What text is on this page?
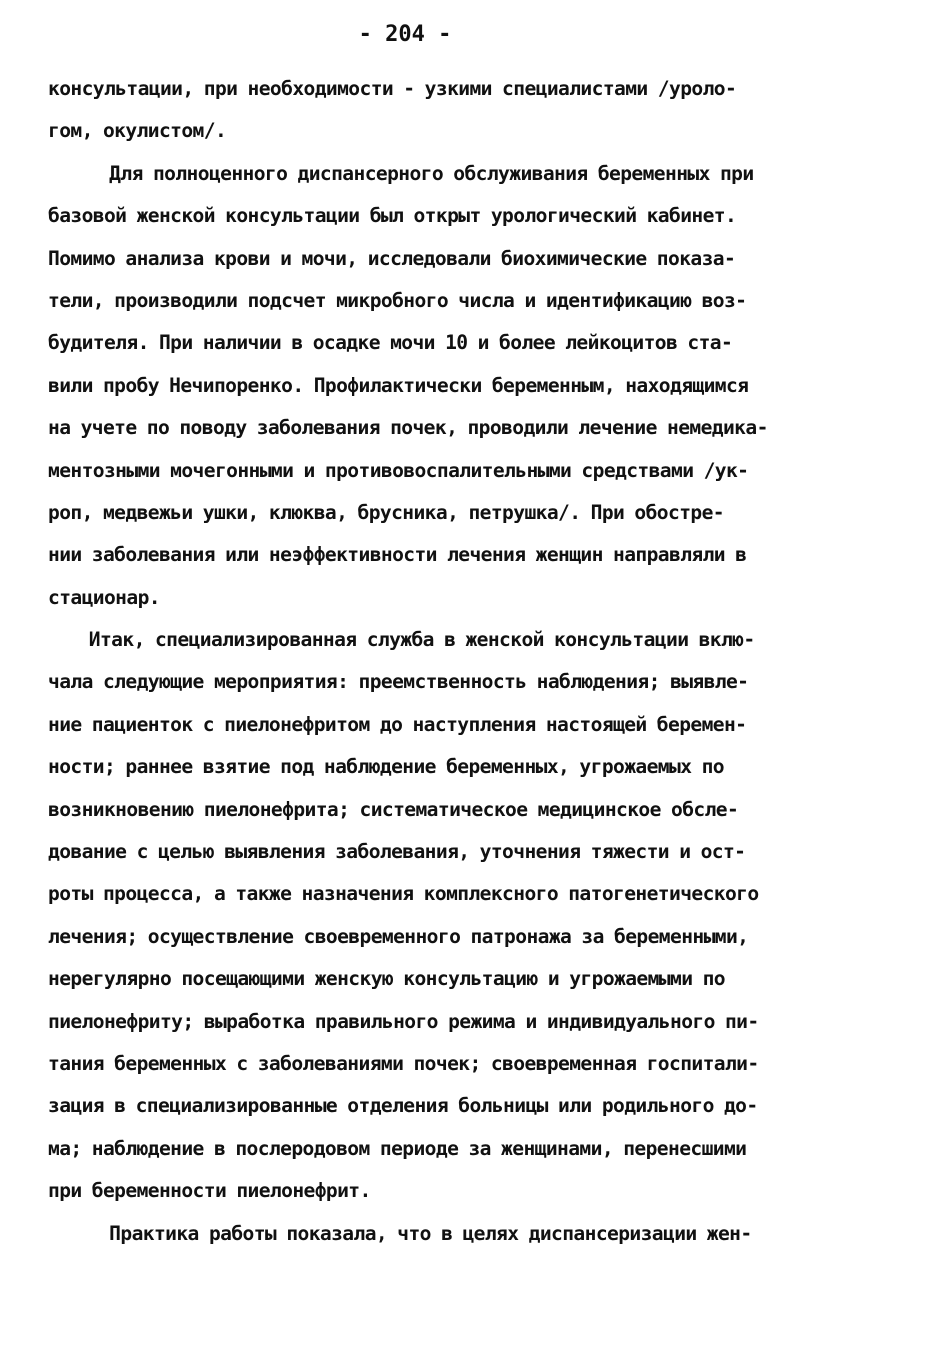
- 204 -
консультации, при необходимости - узкими специалистами /уроло-
гом, окулистом/.
Для полноценного диспансерного обслуживания беременных при
базовой женской консультации был открыт урологический кабинет.
Помимо анализа крови и мочи, исследовали биохимические показа-
тели, производили подсчет микробного числа и идентификацию воз-
будителя. При наличии в осадке мочи 10 и более лейкоцитов ста-
вили пробу Нечипоренко. Профилактически беременным, находящимся
на учете по поводу заболевания почек, проводили лечение немедика-
ментозными мочегонными и противовоспалительными средствами /ук-
роп, медвежьи ушки, клюква, брусника, петрушка/. При обостре-
нии заболевания или неэффективности лечения женщин направляли в
стационар.
Итак, специализированная служба в женской консультации вклю-
чала следующие мероприятия: преемственность наблюдения; выявле-
ние пациенток с пиелонефритом до наступления настоящей беремен-
ности; раннее взятие под наблюдение беременных, угрожаемых по
возникновению пиелонефрита; систематическое медицинское обсле-
дование с целью выявления заболевания, уточнения тяжести и ост-
роты процесса, а также назначения комплексного патогенетического
лечения; осуществление своевременного патронажа за беременными,
нерегулярно посещающими женскую консультацию и угрожаемыми по
пиелонефриту; выработка правильного режима и индивидуального пи-
тания беременных с заболеваниями почек; своевременная госпитали-
зация в специализированные отделения больницы или родильного до-
ма; наблюдение в послеродовом периоде за женщинами, перенесшими
при беременности пиелонефрит.
Практика работы показала, что в целях диспансеризации жен-
